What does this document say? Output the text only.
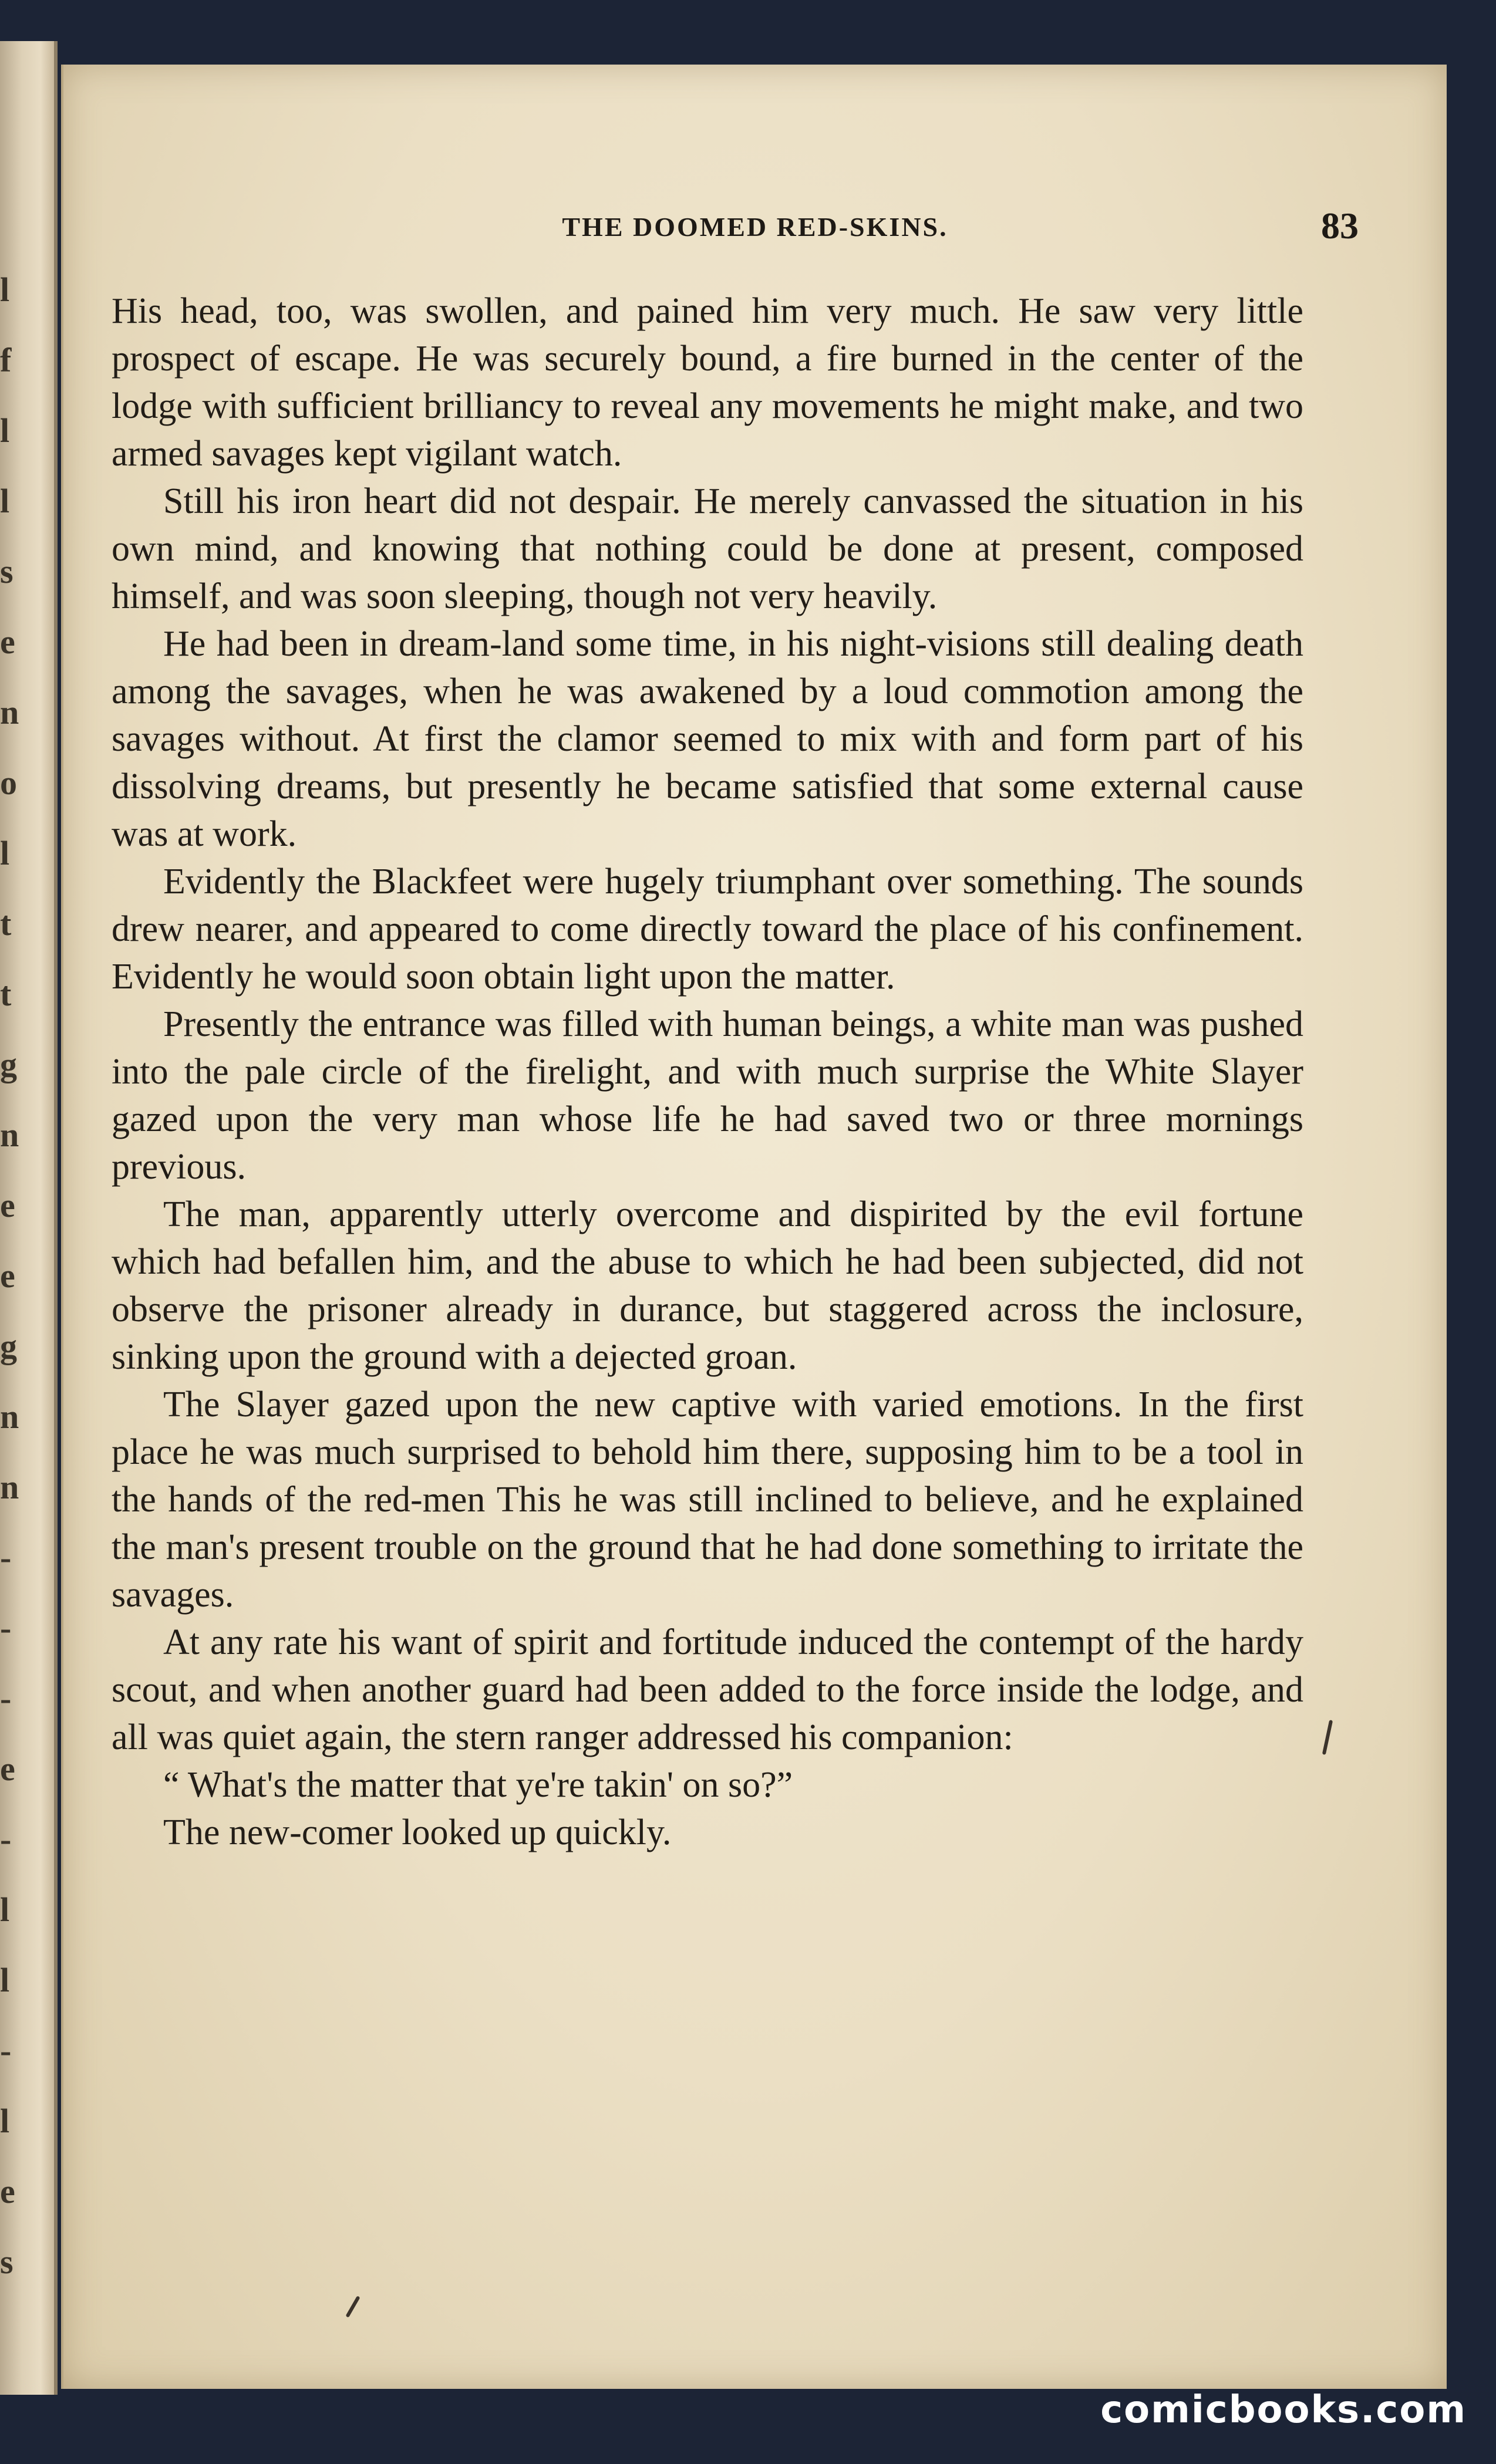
l
f
l
l
s
e
n
o
l
t
t
g
n
e
e
g
n
n
-
-
-
e
-
l
l
-
l
e
s
THE DOOMED RED-SKINS.	83

His head, too, was swollen, and pained him very much. He saw very little prospect of escape. He was securely bound, a fire burned in the center of the lodge with sufficient brilliancy to reveal any movements he might make, and two armed savages kept vigilant watch.

Still his iron heart did not despair. He merely canvassed the situation in his own mind, and knowing that nothing could be done at present, composed himself, and was soon sleeping, though not very heavily.

He had been in dream-land some time, in his night-visions still dealing death among the savages, when he was awakened by a loud commotion among the savages without. At first the clamor seemed to mix with and form part of his dissolving dreams, but presently he became satisfied that some external cause was at work.

Evidently the Blackfeet were hugely triumphant over something. The sounds drew nearer, and appeared to come directly toward the place of his confinement. Evidently he would soon obtain light upon the matter.

Presently the entrance was filled with human beings, a white man was pushed into the pale circle of the firelight, and with much surprise the White Slayer gazed upon the very man whose life he had saved two or three mornings previous.

The man, apparently utterly overcome and dispirited by the evil fortune which had befallen him, and the abuse to which he had been subjected, did not observe the prisoner already in durance, but staggered across the inclosure, sinking upon the ground with a dejected groan.

The Slayer gazed upon the new captive with varied emotions. In the first place he was much surprised to behold him there, supposing him to be a tool in the hands of the red-men This he was still inclined to believe, and he explained the man's present trouble on the ground that he had done something to irritate the savages.

At any rate his want of spirit and fortitude induced the contempt of the hardy scout, and when another guard had been added to the force inside the lodge, and all was quiet again, the stern ranger addressed his companion:

“ What's the matter that ye're takin' on so?”

The new-comer looked up quickly.

comicbooks.com
